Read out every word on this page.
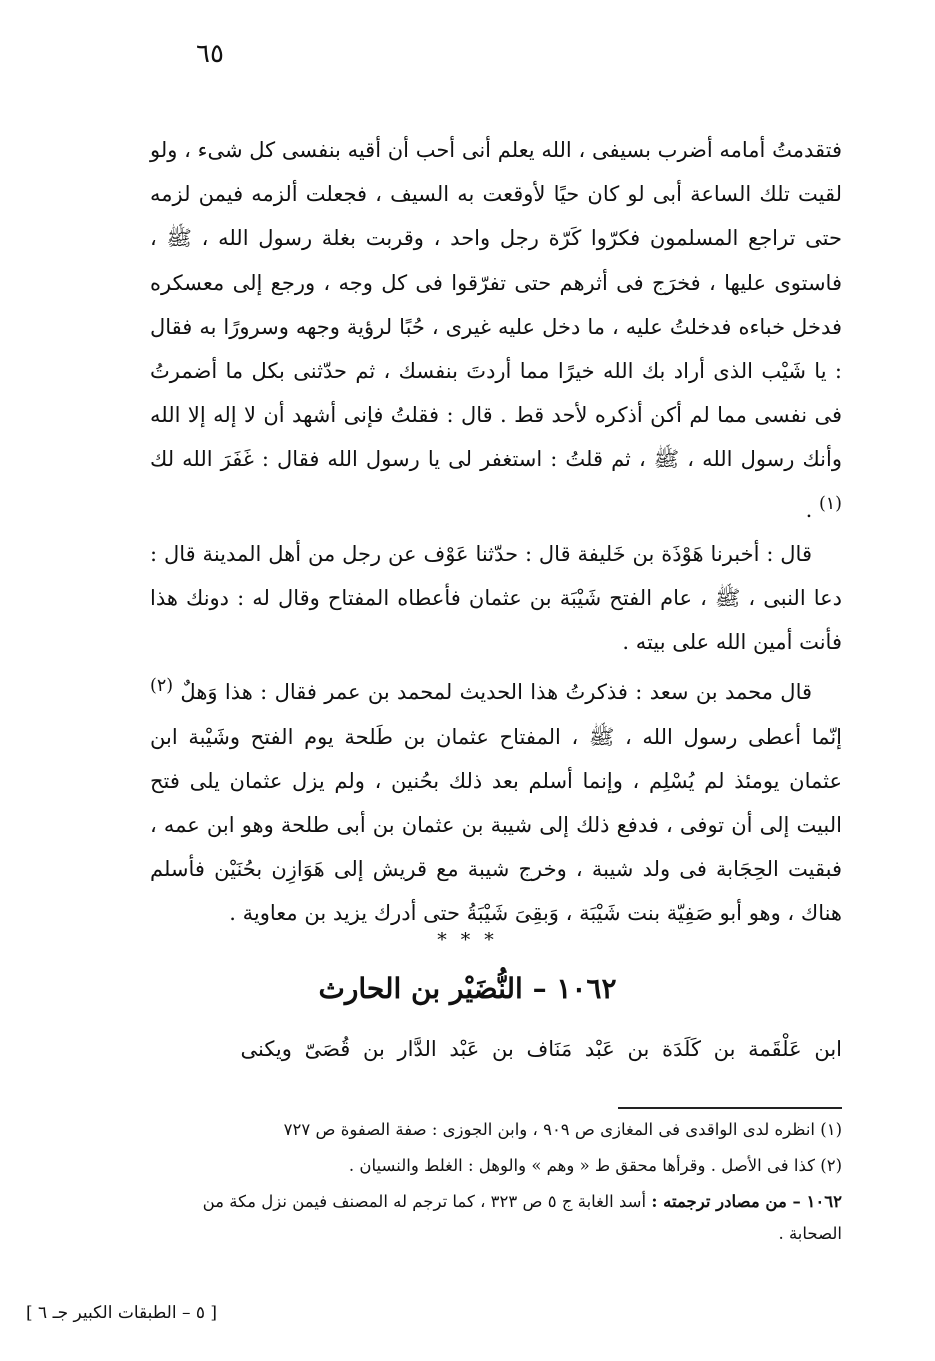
٦٥

فتقدمتُ أمامه أضرب بسيفى ، الله يعلم أنى أحب أن أقيه بنفسى كل شىء ، ولو لقيت تلك الساعة أبى لو كان حيًا لأوقعت به السيف ، فجعلت ألزمه فيمن لزمه حتى تراجع المسلمون فكرّوا كَرّة رجل واحد ، وقربت بغلة رسول الله ، ﷺ ، فاستوى عليها ، فخرَج فى أثرهم حتى تفرّقوا فى كل وجه ، ورجع إلى معسكره فدخل خباءه فدخلتُ عليه ، ما دخل عليه غيرى ، حُبًا لرؤية وجهه وسرورًا به فقال : يا شَيْب الذى أراد بك الله خيرًا مما أردتَ بنفسك ، ثم حدّثنى بكل ما أضمرتُ فى نفسى مما لم أكن أذكره لأحد قط . قال : فقلتُ فإنى أشهد أن لا إله إلا الله وأنك رسول الله ، ﷺ ، ثم قلتُ : استغفر لى يا رسول الله فقال : غَفَرَ الله لك $^{(١)}$ .

قال : أخبرنا هَوْذَة بن خَليفة قال : حدّثنا عَوْف عن رجل من أهل المدينة قال : دعا النبى ، ﷺ ، عام الفتح شَيْبَة بن عثمان فأعطاه المفتاح وقال له : دونك هذا فأنت أمين الله على بيته .

قال محمد بن سعد : فذكرتُ هذا الحديث لمحمد بن عمر فقال : هذا وَهلٌ $^{(٢)}$ إنّما أعطى رسول الله ، ﷺ ، المفتاح عثمان بن طَلحة يوم الفتح وشَيْبة ابن عثمان يومئذ لم يُسْلِم ، وإنما أسلم بعد ذلك بحُنين ، ولم يزل عثمان يلى فتح البيت إلى أن توفى ، فدفع ذلك إلى شيبة بن عثمان بن أبى طلحة وهو ابن عمه ، فبقيت الحِجَابة فى ولد شيبة ، وخرج شيبة مع قريش إلى هَوَازِن بحُنَيْن فأسلم هناك ، وهو أبو صَفِيّة بنت شَيْبَة ، وَبقِىَ شَيْبَةُ حتى أدرك يزيد بن معاوية .

* * *
١٠٦٢ – النُّضَيْر بن الحارث
ابن عَلْقَمة بن كَلَدَة بن عَبْد مَنَاف بن عَبْد الدَّار بن قُصَىّ ويكنى

(١) انظره لدى الواقدى فى المغازى ص ٩٠٩ ، وابن الجوزى : صفة الصفوة ص ٧٢٧

(٢) كذا فى الأصل . وقرأها محقق ط « وهم » والوهل : الغلط والنسيان .

١٠٦٢ – من مصادر ترجمته : أسد الغابة ج ٥ ص ٣٢٣ ، كما ترجم له المصنف فيمن نزل مكة من الصحابة .

[ ٥ – الطبقات الكبير جـ ٦ ]
